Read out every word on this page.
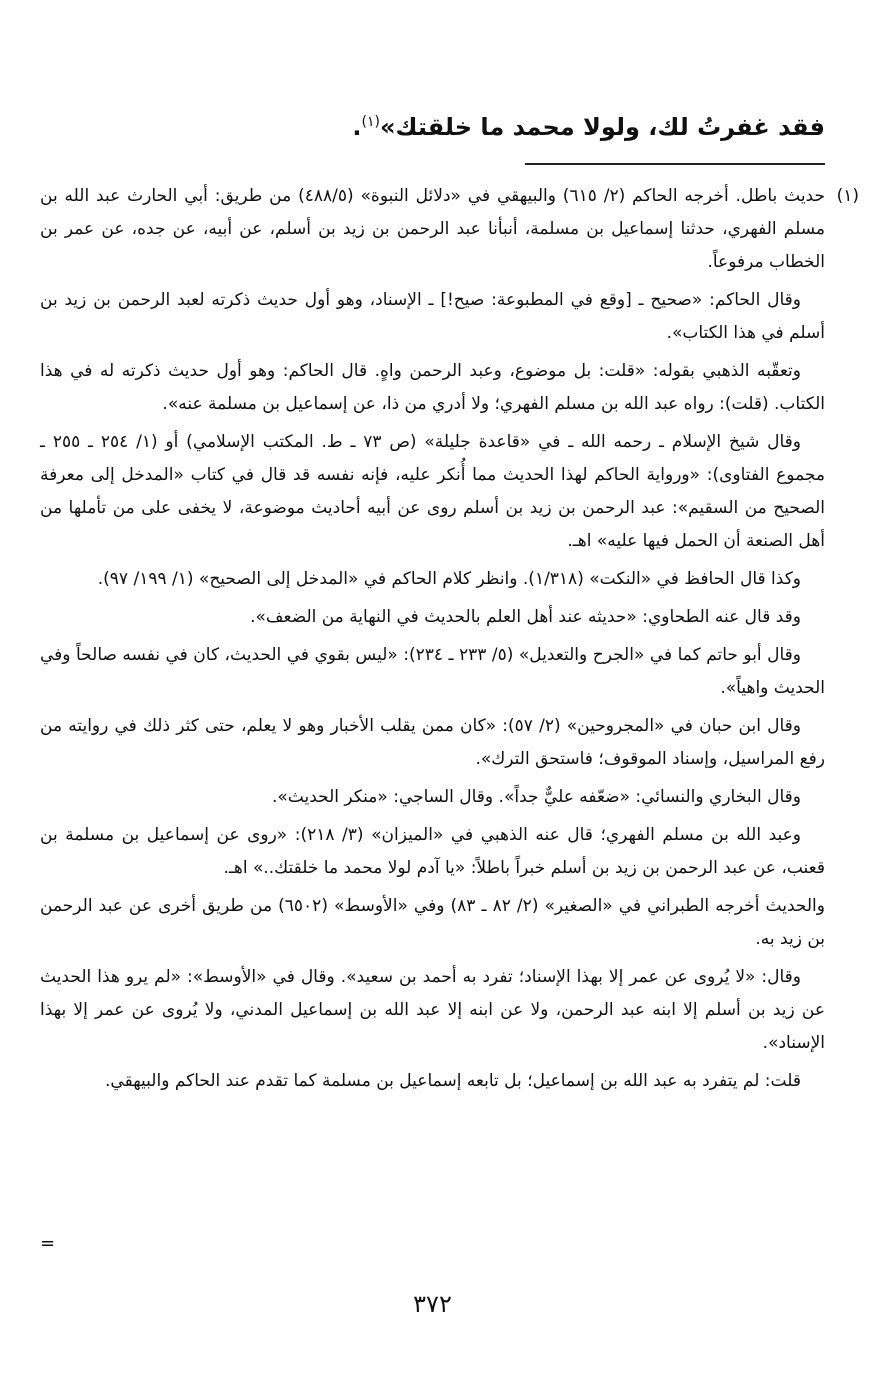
فقد غفرتُ لك، ولولا محمد ما خلقتك»$^{(١)}$.
(١)

حديث باطل. أخرجه الحاكم (٢/ ٦١٥) والبيهقي في «دلائل النبوة» (٤٨٨/٥) من طريق: أبي الحارث عبد الله بن مسلم الفهري، حدثنا إسماعيل بن مسلمة، أنبأنا عبد الرحمن بن زيد بن أسلم، عن أبيه، عن جده، عن عمر بن الخطاب مرفوعاً.

وقال الحاكم: «صحيح ـ [وقع في المطبوعة: صيح!] ـ الإسناد، وهو أول حديث ذكرته لعبد الرحمن بن زيد بن أسلم في هذا الكتاب».

وتعقّبه الذهبي بقوله: «قلت: بل موضوع، وعبد الرحمن واهٍ. قال الحاكم: وهو أول حديث ذكرته له في هذا الكتاب. (قلت): رواه عبد الله بن مسلم الفهري؛ ولا أدري من ذا، عن إسماعيل بن مسلمة عنه».

وقال شيخ الإسلام ـ رحمه الله ـ في «قاعدة جليلة» (ص ٧٣ ـ ط. المكتب الإسلامي) أو (١/ ٢٥٤ ـ ٢٥٥ ـ مجموع الفتاوى): «ورواية الحاكم لهذا الحديث مما أُنكر عليه، فإنه نفسه قد قال في كتاب «المدخل إلى معرفة الصحيح من السقيم»: عبد الرحمن بن زيد بن أسلم روى عن أبيه أحاديث موضوعة، لا يخفى على من تأملها من أهل الصنعة أن الحمل فيها عليه» اهـ.

وكذا قال الحافظ في «النكت» (١/٣١٨). وانظر كلام الحاكم في «المدخل إلى الصحيح» (١/ ١٩٩/ ٩٧).

وقد قال عنه الطحاوي: «حديثه عند أهل العلم بالحديث في النهاية من الضعف».

وقال أبو حاتم كما في «الجرح والتعديل» (٥/ ٢٣٣ ـ ٢٣٤): «ليس بقوي في الحديث، كان في نفسه صالحاً وفي الحديث واهياً».

وقال ابن حبان في «المجروحين» (٢/ ٥٧): «كان ممن يقلب الأخبار وهو لا يعلم، حتى كثر ذلك في روايته من رفع المراسيل، وإسناد الموقوف؛ فاستحق الترك».

وقال البخاري والنسائي: «ضعّفه عليٌّ جداً». وقال الساجي: «منكر الحديث».

وعبد الله بن مسلم الفهري؛ قال عنه الذهبي في «الميزان» (٣/ ٢١٨): «روى عن إسماعيل بن مسلمة بن قعنب، عن عبد الرحمن بن زيد بن أسلم خبراً باطلاً: «يا آدم لولا محمد ما خلقتك..» اهـ.

والحديث أخرجه الطبراني في «الصغير» (٢/ ٨٢ ـ ٨٣) وفي «الأوسط» (٦٥٠٢) من طريق أخرى عن عبد الرحمن بن زيد به.

وقال: «لا يُروى عن عمر إلا بهذا الإسناد؛ تفرد به أحمد بن سعيد». وقال في «الأوسط»: «لم يرو هذا الحديث عن زيد بن أسلم إلا ابنه عبد الرحمن، ولا عن ابنه إلا عبد الله بن إسماعيل المدني، ولا يُروى عن عمر إلا بهذا الإسناد».

قلت: لم يتفرد به عبد الله بن إسماعيل؛ بل تابعه إسماعيل بن مسلمة كما تقدم عند الحاكم والبيهقي.

=
٣٧٢
